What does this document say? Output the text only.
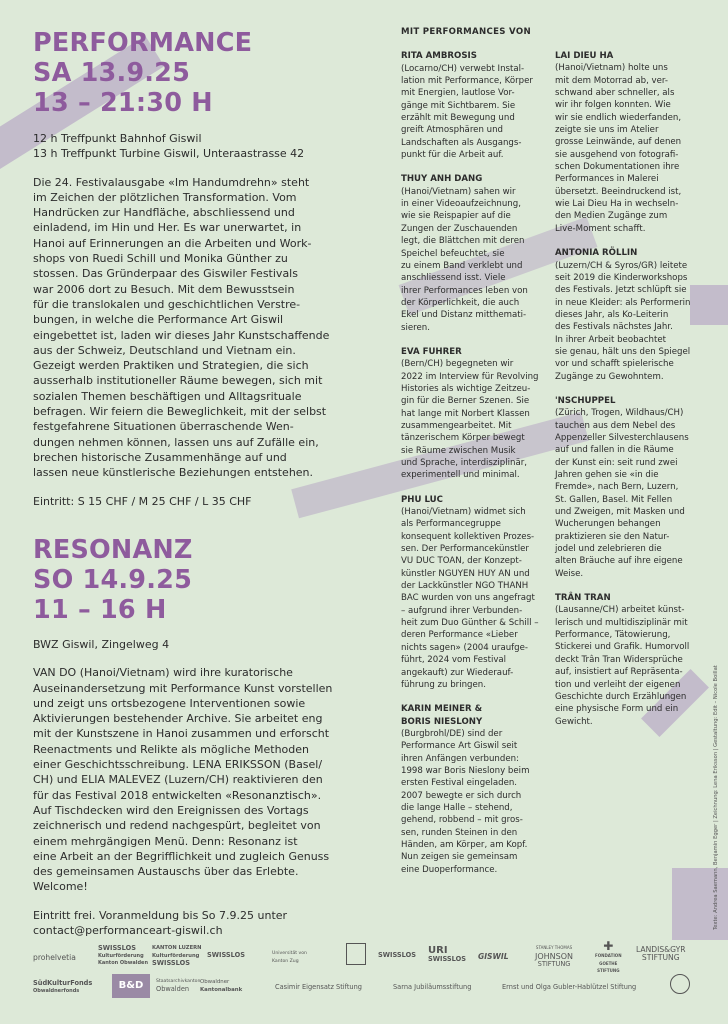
PERFORMANCE
SA 13.9.25
13 – 21:30 H

12 h Treffpunkt Bahnhof Giswil

13 h Treffpunkt Turbine Giswil, Unteraastrasse 42

Die 24. Festivalausgabe «Im Handumdrehn» steht

im Zeichen der plötzlichen Transformation. Vom

Handrücken zur Handfläche, abschliessend und

einladend, im Hin und Her. Es war unerwartet, in

Hanoi auf Erinnerungen an die Arbeiten und Work-

shops von Ruedi Schill und Monika Günther zu

stossen. Das Gründerpaar des Giswiler Festivals

war 2006 dort zu Besuch. Mit dem Bewusstsein

für die translokalen und geschichtlichen Verstre-

bungen, in welche die Performance Art Giswil

eingebettet ist, laden wir dieses Jahr Kunstschaffende

aus der Schweiz, Deutschland und Vietnam ein.

Gezeigt werden Praktiken und Strategien, die sich

ausserhalb institutioneller Räume bewegen, sich mit

sozialen Themen beschäftigen und Alltagsrituale

befragen. Wir feiern die Beweglichkeit, mit der selbst

festgefahrene Situationen überraschende Wen-

dungen nehmen können, lassen uns auf Zufälle ein,

brechen historische Zusammenhänge auf und

lassen neue künstlerische Beziehungen entstehen.

Eintritt: S 15 CHF / M 25 CHF / L 35 CHF

RESONANZ
SO 14.9.25
11 – 16 H

BWZ Giswil, Zingelweg 4

VAN DO (Hanoi/Vietnam) wird ihre kuratorische

Auseinandersetzung mit Performance Kunst vorstellen

und zeigt uns ortsbezogene Interventionen sowie

Aktivierungen bestehender Archive. Sie arbeitet eng

mit der Kunstszene in Hanoi zusammen und erforscht

Reenactments und Relikte als mögliche Methoden

einer Geschichtsschreibung. LENA ERIKSSON (Basel/

CH) und ELIA MALEVEZ (Luzern/CH) reaktivieren den

für das Festival 2018 entwickelten «Resonanztisch».

Auf Tischdecken wird den Ereignissen des Vortags

zeichnerisch und redend nachgespürt, begleitet von

einem mehrgängigen Menü. Denn: Resonanz ist

eine Arbeit an der Begrifflichkeit und zugleich Genuss

des gemeinsamen Austauschs über das Erlebte.

Welcome!

Eintritt frei. Voranmeldung bis So 7.9.25 unter

contact@performanceart-giswil.ch

MIT PERFORMANCES VON

RITA AMBROSIS

(Locarno/CH) verwebt Instal-

lation mit Performance, Körper

mit Energien, lautlose Vor-

gänge mit Sichtbarem. Sie

erzählt mit Bewegung und

greift Atmosphären und

Landschaften als Ausgangs-

punkt für die Arbeit auf.

THUY ANH DANG

(Hanoi/Vietnam) sahen wir

in einer Videoaufzeichnung,

wie sie Reispapier auf die

Zungen der Zuschauenden

legt, die Blättchen mit deren

Speichel befeuchtet, sie

zu einem Band verklebt und

anschliessend isst. Viele

ihrer Performances leben von

der Körperlichkeit, die auch

Ekel und Distanz mitthemati-

sieren.

EVA FUHRER

(Bern/CH) begegneten wir

2022 im Interview für Revolving

Histories als wichtige Zeitzeu-

gin für die Berner Szenen. Sie

hat lange mit Norbert Klassen

zusammengearbeitet. Mit

tänzerischem Körper bewegt

sie Räume zwischen Musik

und Sprache, interdisziplinär,

experimentell und minimal.

PHU LUC

(Hanoi/Vietnam) widmet sich

als Performancegruppe

konsequent kollektiven Prozes-

sen. Der Performancekünstler

VU DUC TOAN, der Konzept-

künstler NGUYEN HUY AN und

der Lackkünstler NGO THANH

BAC wurden von uns angefragt

– aufgrund ihrer Verbunden-

heit zum Duo Günther & Schill –

deren Performance «Lieber

nichts sagen» (2004 uraufge-

führt, 2024 vom Festival

angekauft) zur Wiederauf-

führung zu bringen.

KARIN MEINER &

BORIS NIESLONY

(Burgbrohl/DE) sind der

Performance Art Giswil seit

ihren Anfängen verbunden:

1998 war Boris Nieslony beim

ersten Festival eingeladen.

2007 bewegte er sich durch

die lange Halle – stehend,

gehend, robbend – mit gros-

sen, runden Steinen in den

Händen, am Körper, am Kopf.

Nun zeigen sie gemeinsam

eine Duoperformance.

LAI DIEU HA

(Hanoi/Vietnam) holte uns

mit dem Motorrad ab, ver-

schwand aber schneller, als

wir ihr folgen konnten. Wie

wir sie endlich wiederfanden,

zeigte sie uns im Atelier

grosse Leinwände, auf denen

sie ausgehend von fotografi-

schen Dokumentationen ihre

Performances in Malerei

übersetzt. Beeindruckend ist,

wie Lai Dieu Ha in wechseln-

den Medien Zugänge zum

Live-Moment schafft.

ANTONIA RÖLLIN

(Luzern/CH & Syros/GR) leitete

seit 2019 die Kinderworkshops

des Festivals. Jetzt schlüpft sie

in neue Kleider: als Performerin

dieses Jahr, als Ko-Leiterin

des Festivals nächstes Jahr.

In ihrer Arbeit beobachtet

sie genau, hält uns den Spiegel

vor und schafft spielerische

Zugänge zu Gewohntem.

'NSCHUPPEL

(Zürich, Trogen, Wildhaus/CH)

tauchen aus dem Nebel des

Appenzeller Silvesterchlausens

auf und fallen in die Räume

der Kunst ein: seit rund zwei

Jahren gehen sie «in die

Fremde», nach Bern, Luzern,

St. Gallen, Basel. Mit Fellen

und Zweigen, mit Masken und

Wucherungen behangen

praktizieren sie den Natur-

jodel und zelebrieren die

alten Bräuche auf ihre eigene

Weise.

TRÂN TRAN

(Lausanne/CH) arbeitet künst-

lerisch und multidisziplinär mit

Performance, Tätowierung,

Stickerei und Grafik. Humorvoll

deckt Trân Tran Widersprüche

auf, insistiert auf Repräsenta-

tion und verleiht der eigenen

Geschichte durch Erzählungen

eine physische Form und ein

Gewicht.	Texte: Andrea Saemann, Benjamin Egger | Zeichnung: Lena Eriksson | Gestaltung: Edit – Nicole Boillat
prohelvetia
SWISSLOS
Kulturförderung
Kanton Obwalden
KANTON LUZERN
Kulturförderung
SWISSLOS
SWISSLOS	Universität von
Kanton Zug
SWISSLOS URI
SWISSLOS GISWIL
STANLEY THOMAS
JOHNSON
STIFTUNG
✚
FONDATION
GOETHE
STIFTUNG
LANDIS&GYR
STIFTUNG
SüdKulturFonds
Obwaldnerfonds	B&D	Staatsarchivkanton
Obwalden
Obwaldner
Kantonalbank	Casimir Eigensatz Stiftung	Sarna Jubiläumsstiftung	Ernst und Olga Gubler-Hablützel Stiftung
